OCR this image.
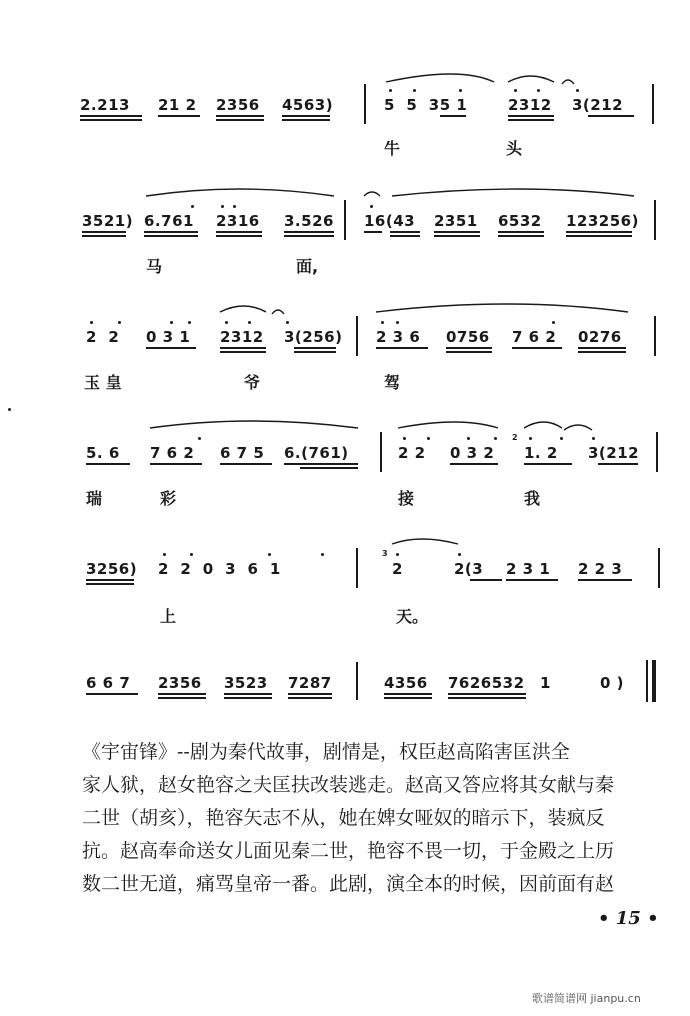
2.213 21 2 2356 4563)	5  5  35 1	2312 3(212
牛	头
3521) 6.761 2316 3.526 16(43 2351 6532 123256)
马	面,
2  2 0 3 1 2312 3(256) 2 3 6 0756 7 6 2 0276
玉 皇	爷	驾
5. 6 7 6 2 6 7 5 6.(761)	2 2 0 3 2 1. 2 3(212
瑞	彩	接	我
3256) 2  2  0  3  6  1	2	2(3 2 3 1 2 2 3
上	天。
6 6 7 2356 3523 7287	4356 7626532 1	0 )
3
2

《宇宙锋》--剧为秦代故事，剧情是，权臣赵高陷害匡洪全

家人狱，赵女艳容之夫匡扶改装逃走。赵高又答应将其女献与秦

二世（胡亥），艳容矢志不从，她在婢女哑奴的暗示下，装疯反

抗。赵高奉命送女儿面见秦二世，艳容不畏一切，于金殿之上历

数二世无道，痛骂皇帝一番。此剧，演全本的时候，因前面有赵

• 15 •
歌谱简谱网 jianpu.cn
